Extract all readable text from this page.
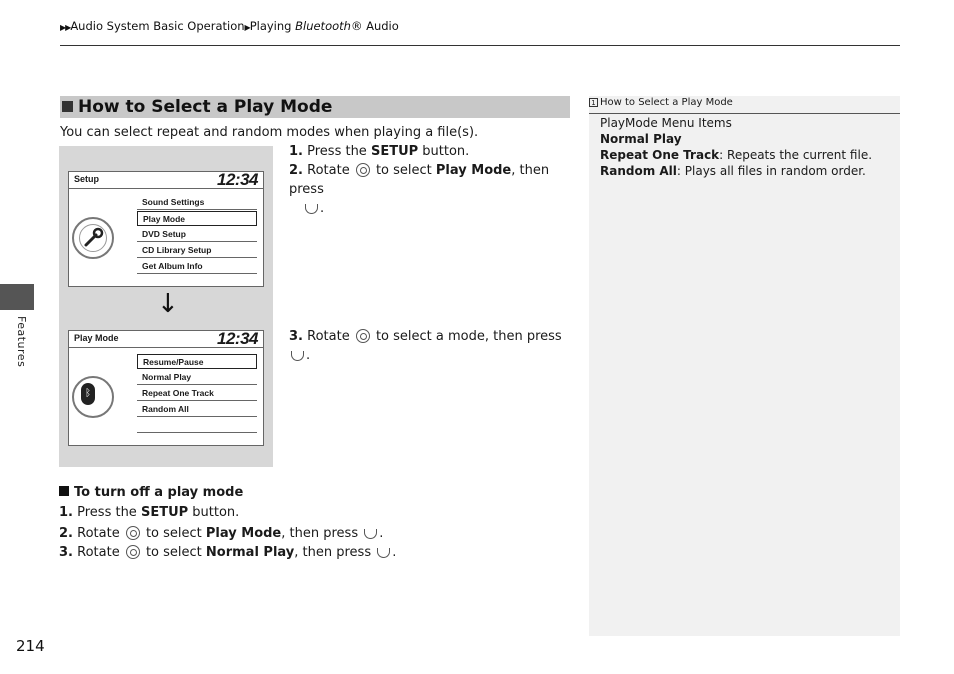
▶▶Audio System Basic Operation▶Playing Bluetooth® Audio
Features
214
How to Select a Play Mode
You can select repeat and random modes when playing a file(s).
1. Press the SETUP button.
2. Rotate  to select Play Mode, then press
.
3. Rotate  to select a mode, then press .
Setup	12:34
Sound Settings
Play Mode
DVD Setup
CD Library Setup
Get Album Info
↓
Play Mode	12:34
ᛒ
Resume/Pause
Normal Play
Repeat One Track
Random All
To turn off a play mode
1. Press the SETUP button.
2. Rotate  to select Play Mode, then press .
3. Rotate  to select Normal Play, then press .
1 How to Select a Play Mode
PlayMode Menu Items
Normal Play
Repeat One Track: Repeats the current file.
Random All: Plays all files in random order.
